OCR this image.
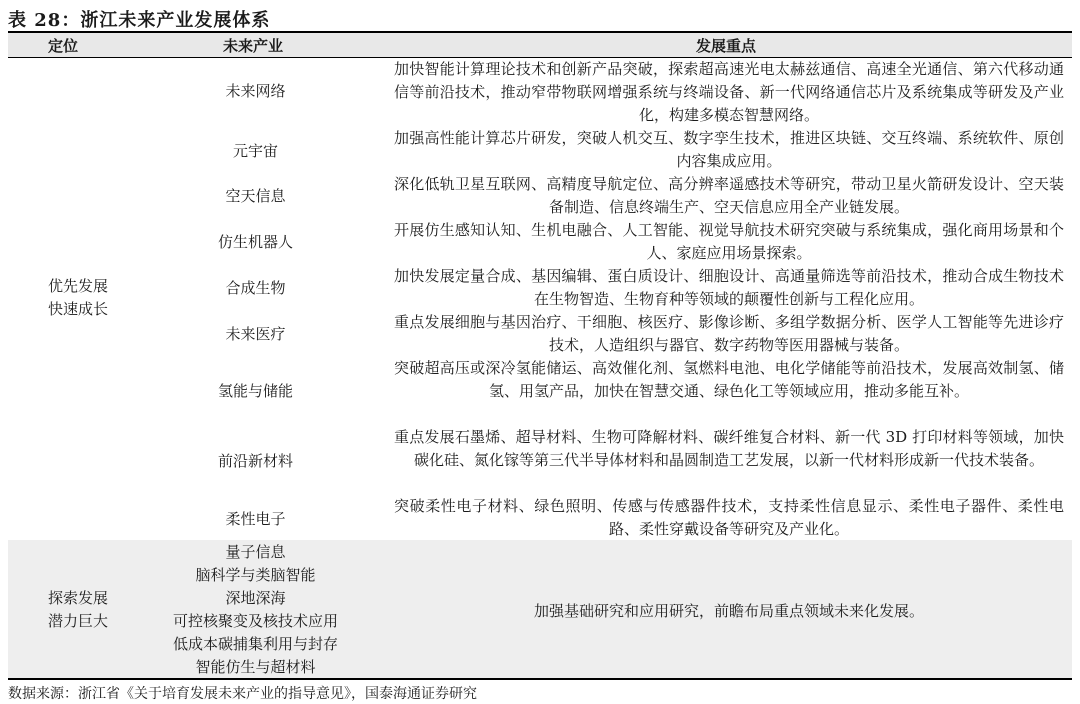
表 28：浙江未来产业发展体系
定位	未来产业	发展重点
优先发展
快速成长
未来网络
加快智能计算理论技术和创新产品突破，探索超高速光电太赫兹通信、高速全光通信、第六代移动通信等前沿技术，推动窄带物联网增强系统与终端设备、新一代网络通信芯片及系统集成等研发及产业化，构建多模态智慧网络。
元宇宙
加强高性能计算芯片研发，突破人机交互、数字孪生技术，推进区块链、交互终端、系统软件、原创内容集成应用。
空天信息
深化低轨卫星互联网、高精度导航定位、高分辨率遥感技术等研究，带动卫星火箭研发设计、空天装备制造、信息终端生产、空天信息应用全产业链发展。
仿生机器人
开展仿生感知认知、生机电融合、人工智能、视觉导航技术研究突破与系统集成，强化商用场景和个人、家庭应用场景探索。
合成生物
加快发展定量合成、基因编辑、蛋白质设计、细胞设计、高通量筛选等前沿技术，推动合成生物技术在生物智造、生物育种等领域的颠覆性创新与工程化应用。
未来医疗
重点发展细胞与基因治疗、干细胞、核医疗、影像诊断、多组学数据分析、医学人工智能等先进诊疗技术，人造组织与器官、数字药物等医用器械与装备。
氢能与储能
突破超高压或深冷氢能储运、高效催化剂、氢燃料电池、电化学储能等前沿技术，发展高效制氢、储氢、用氢产品，加快在智慧交通、绿色化工等领域应用，推动多能互补。
前沿新材料
重点发展石墨烯、超导材料、生物可降解材料、碳纤维复合材料、新一代 3D 打印材料等领域，加快碳化硅、氮化镓等第三代半导体材料和晶圆制造工艺发展，以新一代材料形成新一代技术装备。
柔性电子
突破柔性电子材料、绿色照明、传感与传感器件技术，支持柔性信息显示、柔性电子器件、柔性电路、柔性穿戴设备等研究及产业化。
探索发展
潜力巨大
量子信息
脑科学与类脑智能
深地深海
可控核聚变及核技术应用
低成本碳捕集利用与封存
智能仿生与超材料
加强基础研究和应用研究，前瞻布局重点领域未来化发展。
数据来源：浙江省《关于培育发展未来产业的指导意见》，国泰海通证券研究
